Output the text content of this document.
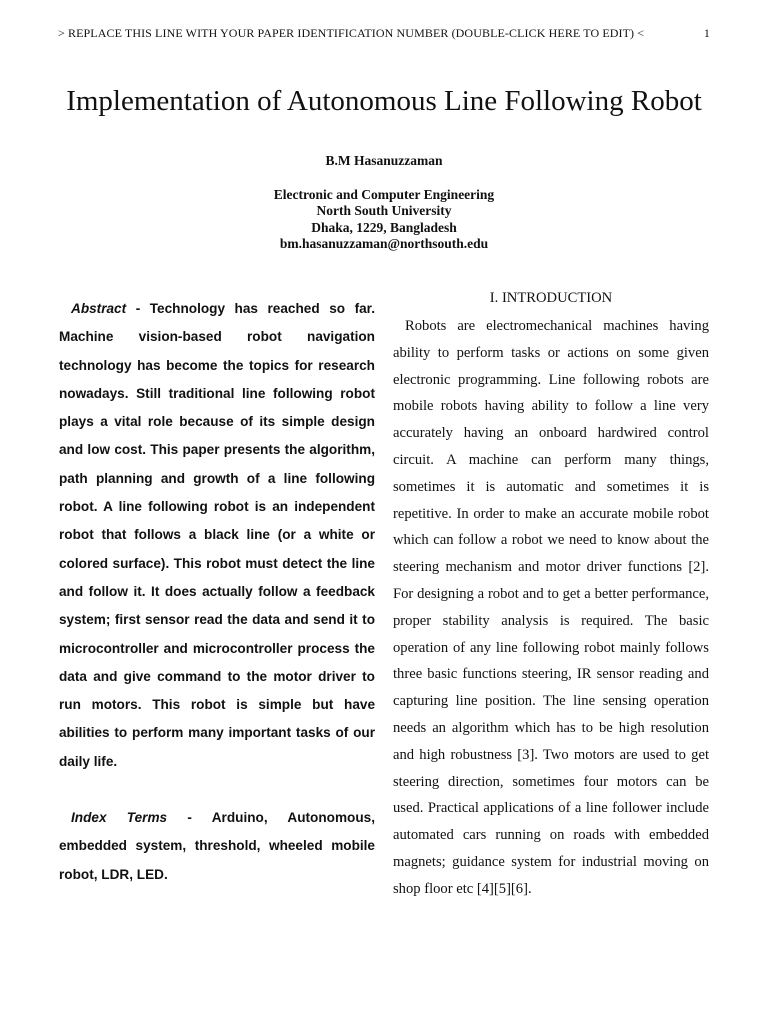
> REPLACE THIS LINE WITH YOUR PAPER IDENTIFICATION NUMBER (DOUBLE-CLICK HERE TO EDIT) <	1
Implementation of Autonomous Line Following Robot
B.M Hasanuzzaman
Electronic and Computer Engineering
North South University
Dhaka, 1229, Bangladesh
bm.hasanuzzaman@northsouth.edu

Abstract - Technology has reached so far. Machine vision-based robot navigation technology has become the topics for research nowadays. Still traditional line following robot plays a vital role because of its simple design and low cost. This paper presents the algorithm, path planning and growth of a line following robot. A line following robot is an independent robot that follows a black line (or a white or colored surface). This robot must detect the line and follow it. It does actually follow a feedback system; first sensor read the data and send it to microcontroller and microcontroller process the data and give command to the motor driver to run motors. This robot is simple but have abilities to perform many important tasks of our daily life.

Index Terms - Arduino, Autonomous, embedded system, threshold, wheeled mobile robot, LDR, LED.

I. INTRODUCTION

Robots are electromechanical machines having ability to perform tasks or actions on some given electronic programming. Line following robots are mobile robots having ability to follow a line very accurately having an onboard hardwired control circuit. A machine can perform many things, sometimes it is automatic and sometimes it is repetitive. In order to make an accurate mobile robot which can follow a robot we need to know about the steering mechanism and motor driver functions [2]. For designing a robot and to get a better performance, proper stability analysis is required. The basic operation of any line following robot mainly follows three basic functions steering, IR sensor reading and capturing line position. The line sensing operation needs an algorithm which has to be high resolution and high robustness [3]. Two motors are used to get steering direction, sometimes four motors can be used. Practical applications of a line follower include automated cars running on roads with embedded magnets; guidance system for industrial moving on shop floor etc [4][5][6].
